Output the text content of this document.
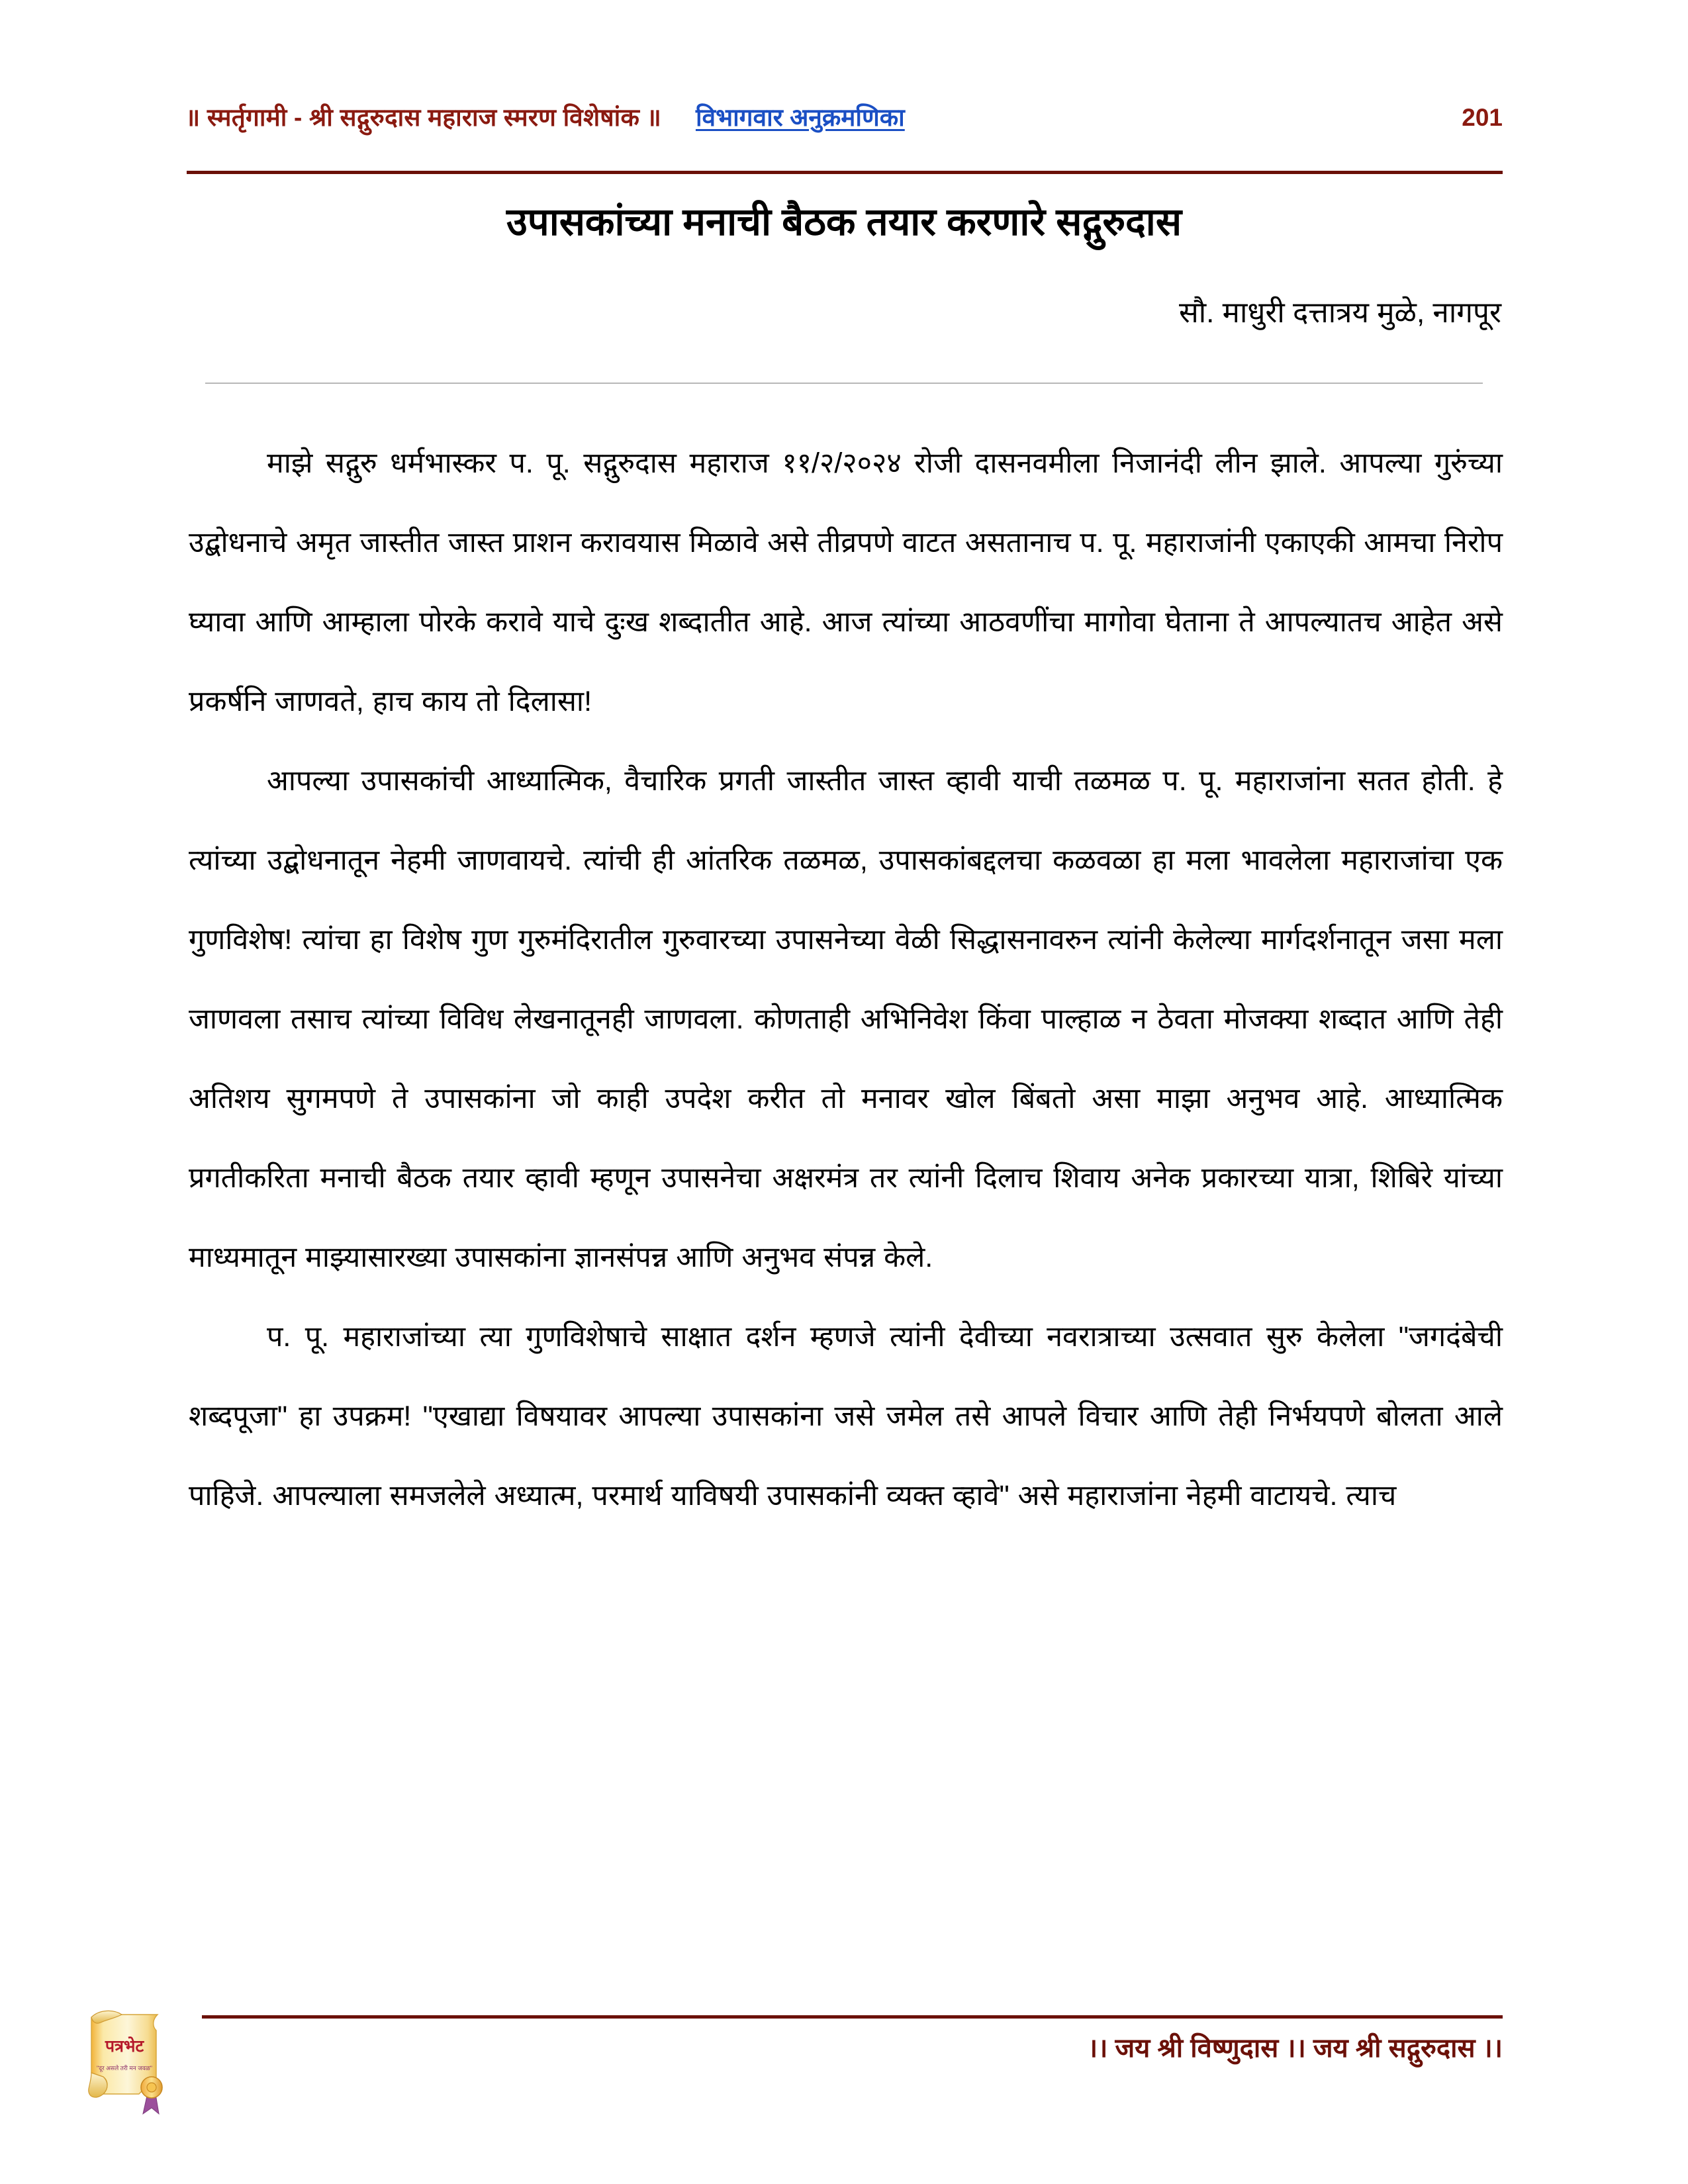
॥ स्मर्तृगामी - श्री सद्गुरुदास महाराज स्मरण विशेषांक ॥ विभागवार अनुक्रमणिका	201
उपासकांच्या मनाची बैठक तयार करणारे सद्गुरुदास
सौ. माधुरी दत्तात्रय मुळे, नागपूर

माझे सद्गुरु धर्मभास्कर प. पू. सद्गुरुदास महाराज ११/२/२०२४ रोजी दासनवमीला निजानंदी लीन झाले. आपल्या गुरुंच्या उद्बोधनाचे अमृत जास्तीत जास्त प्राशन करावयास मिळावे असे तीव्रपणे वाटत असतानाच प. पू. महाराजांनी एकाएकी आमचा निरोप घ्यावा आणि आम्हाला पोरके करावे याचे दुःख शब्दातीत आहे. आज त्यांच्या आठवणींचा मागोवा घेताना ते आपल्यातच आहेत असे प्रकर्षनि जाणवते, हाच काय तो दिलासा!

आपल्या उपासकांची आध्यात्मिक, वैचारिक प्रगती जास्तीत जास्त व्हावी याची तळमळ प. पू. महाराजांना सतत होती. हे त्यांच्या उद्बोधनातून नेहमी जाणवायचे. त्यांची ही आंतरिक तळमळ, उपासकांबद्दलचा कळवळा हा मला भावलेला महाराजांचा एक गुणविशेष! त्यांचा हा विशेष गुण गुरुमंदिरातील गुरुवारच्या उपासनेच्या वेळी सिद्धासनावरुन त्यांनी केलेल्या मार्गदर्शनातून जसा मला जाणवला तसाच त्यांच्या विविध लेखनातूनही जाणवला. कोणताही अभिनिवेश किंवा पाल्हाळ न ठेवता मोजक्या शब्दात आणि तेही अतिशय सुगमपणे ते उपासकांना जो काही उपदेश करीत तो मनावर खोल बिंबतो असा माझा अनुभव आहे. आध्यात्मिक प्रगतीकरिता मनाची बैठक तयार व्हावी म्हणून उपासनेचा अक्षरमंत्र तर त्यांनी दिलाच शिवाय अनेक प्रकारच्या यात्रा, शिबिरे यांच्या माध्यमातून माझ्यासारख्या उपासकांना ज्ञानसंपन्न आणि अनुभव संपन्न केले.

प. पू. महाराजांच्या त्या गुणविशेषाचे साक्षात दर्शन म्हणजे त्यांनी देवीच्या नवरात्राच्या उत्सवात सुरु केलेला "जगदंबेची शब्दपूजा" हा उपक्रम! "एखाद्या विषयावर आपल्या उपासकांना जसे जमेल तसे आपले विचार आणि तेही निर्भयपणे बोलता आले पाहिजे. आपल्याला समजलेले अध्यात्म, परमार्थ याविषयी उपासकांनी व्यक्त व्हावे" असे महाराजांना नेहमी वाटायचे. त्याच

।। जय श्री विष्णुदास ।। जय श्री सद्गुरुदास ।।
पत्रभेट
"दूर असले तरी मन जवळ"
